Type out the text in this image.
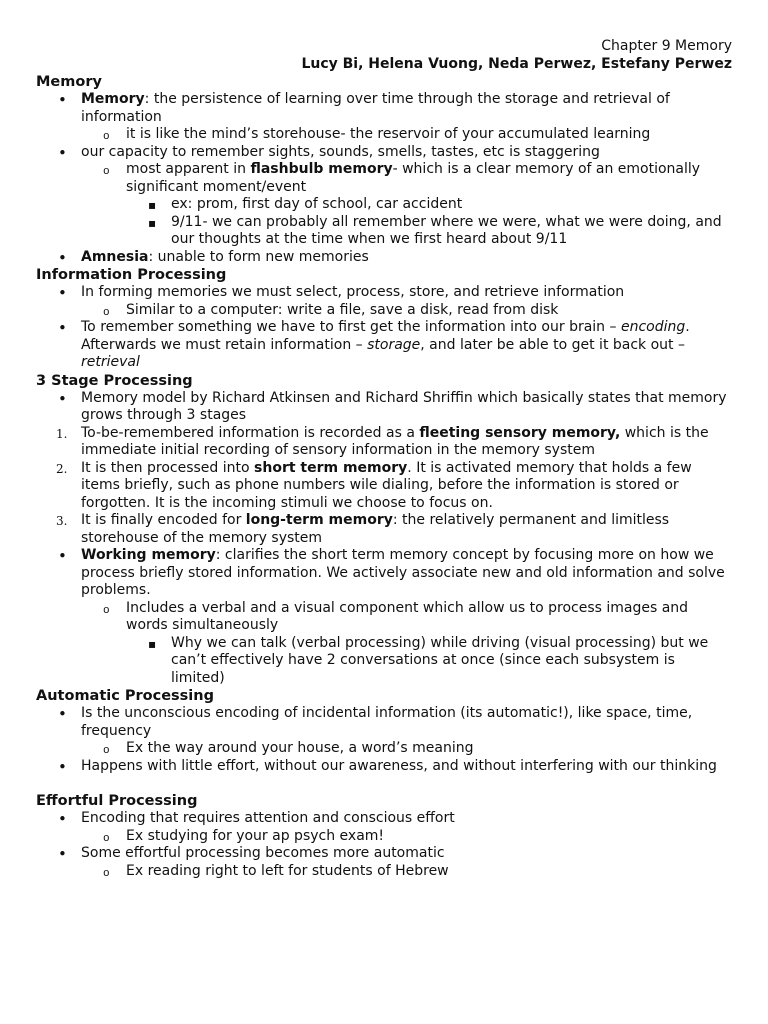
Chapter 9 Memory
Lucy Bi, Helena Vuong, Neda Perwez, Estefany Perwez
Memory
•
Memory: the persistence of learning over time through the storage and retrieval of information
o
it is like the mind’s storehouse- the reservoir of your accumulated learning
•
our capacity to remember sights, sounds, smells, tastes, etc is staggering
o
most apparent in flashbulb memory- which is a clear memory of an emotionally significant moment/event
▪
ex: prom, first day of school, car accident
▪
9/11- we can probably all remember where we were, what we were doing, and our thoughts at the time when we first heard about 9/11
•
Amnesia: unable to form new memories
Information Processing
•
In forming memories we must select, process, store, and retrieve information
o
Similar to a computer: write a file, save a disk, read from disk
•
To remember something we have to first get the information into our brain – encoding. Afterwards we must retain information – storage, and later be able to get it back out – retrieval
3 Stage Processing
•
Memory model by Richard Atkinsen and Richard Shriffin which basically states that memory grows through 3 stages
1. To-be-remembered information is recorded as a fleeting sensory memory, which is the immediate initial recording of sensory information in the memory system
2. It is then processed into short term memory. It is activated memory that holds a few items briefly, such as phone numbers wile dialing, before the information is stored or forgotten. It is the incoming stimuli we choose to focus on.
3. It is finally encoded for long-term memory: the relatively permanent and limitless storehouse of the memory system
•
Working memory: clarifies the short term memory concept by focusing more on how we process briefly stored information. We actively associate new and old information and solve problems.
o
Includes a verbal and a visual component which allow us to process images and words simultaneously
▪
Why we can talk (verbal processing) while driving (visual processing) but we can’t effectively have 2 conversations at once (since each subsystem is limited)
Automatic Processing
•
Is the unconscious encoding of incidental information (its automatic!), like space, time, frequency
o
Ex the way around your house, a word’s meaning
•
Happens with little effort, without our awareness, and without interfering with our thinking
Effortful Processing
•
Encoding that requires attention and conscious effort
o
Ex studying for your ap psych exam!
•
Some effortful processing becomes more automatic
o
Ex reading right to left for students of Hebrew
